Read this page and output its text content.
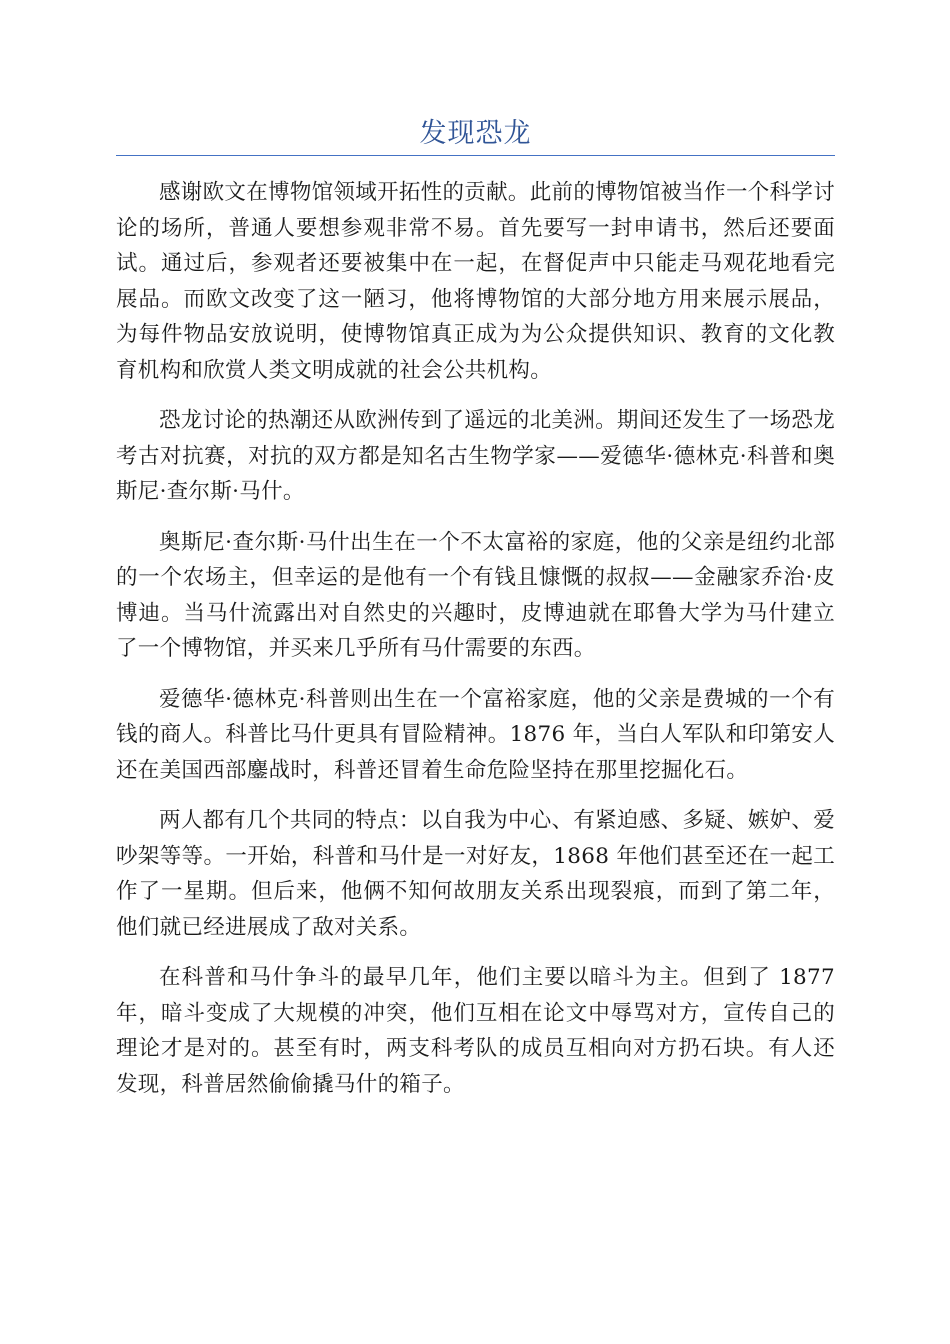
发现恐龙

感谢欧文在博物馆领域开拓性的贡献。此前的博物馆被当作一个科学讨论的场所，普通人要想参观非常不易。首先要写一封申请书，然后还要面试。通过后，参观者还要被集中在一起，在督促声中只能走马观花地看完展品。而欧文改变了这一陋习，他将博物馆的大部分地方用来展示展品，为每件物品安放说明，使博物馆真正成为为公众提供知识、教育的文化教育机构和欣赏人类文明成就的社会公共机构。

恐龙讨论的热潮还从欧洲传到了遥远的北美洲。期间还发生了一场恐龙考古对抗赛，对抗的双方都是知名古生物学家——爱德华·德林克·科普和奥斯尼·查尔斯·马什。

奥斯尼·查尔斯·马什出生在一个不太富裕的家庭，他的父亲是纽约北部的一个农场主，但幸运的是他有一个有钱且慷慨的叔叔——金融家乔治·皮博迪。当马什流露出对自然史的兴趣时，皮博迪就在耶鲁大学为马什建立了一个博物馆，并买来几乎所有马什需要的东西。

爱德华·德林克·科普则出生在一个富裕家庭，他的父亲是费城的一个有钱的商人。科普比马什更具有冒险精神。1876 年，当白人军队和印第安人还在美国西部鏖战时，科普还冒着生命危险坚持在那里挖掘化石。

两人都有几个共同的特点：以自我为中心、有紧迫感、多疑、嫉妒、爱吵架等等。一开始，科普和马什是一对好友，1868 年他们甚至还在一起工作了一星期。但后来，他俩不知何故朋友关系出现裂痕，而到了第二年，他们就已经进展成了敌对关系。

在科普和马什争斗的最早几年，他们主要以暗斗为主。但到了 1877 年，暗斗变成了大规模的冲突，他们互相在论文中辱骂对方，宣传自己的理论才是对的。甚至有时，两支科考队的成员互相向对方扔石块。有人还发现，科普居然偷偷撬马什的箱子。
